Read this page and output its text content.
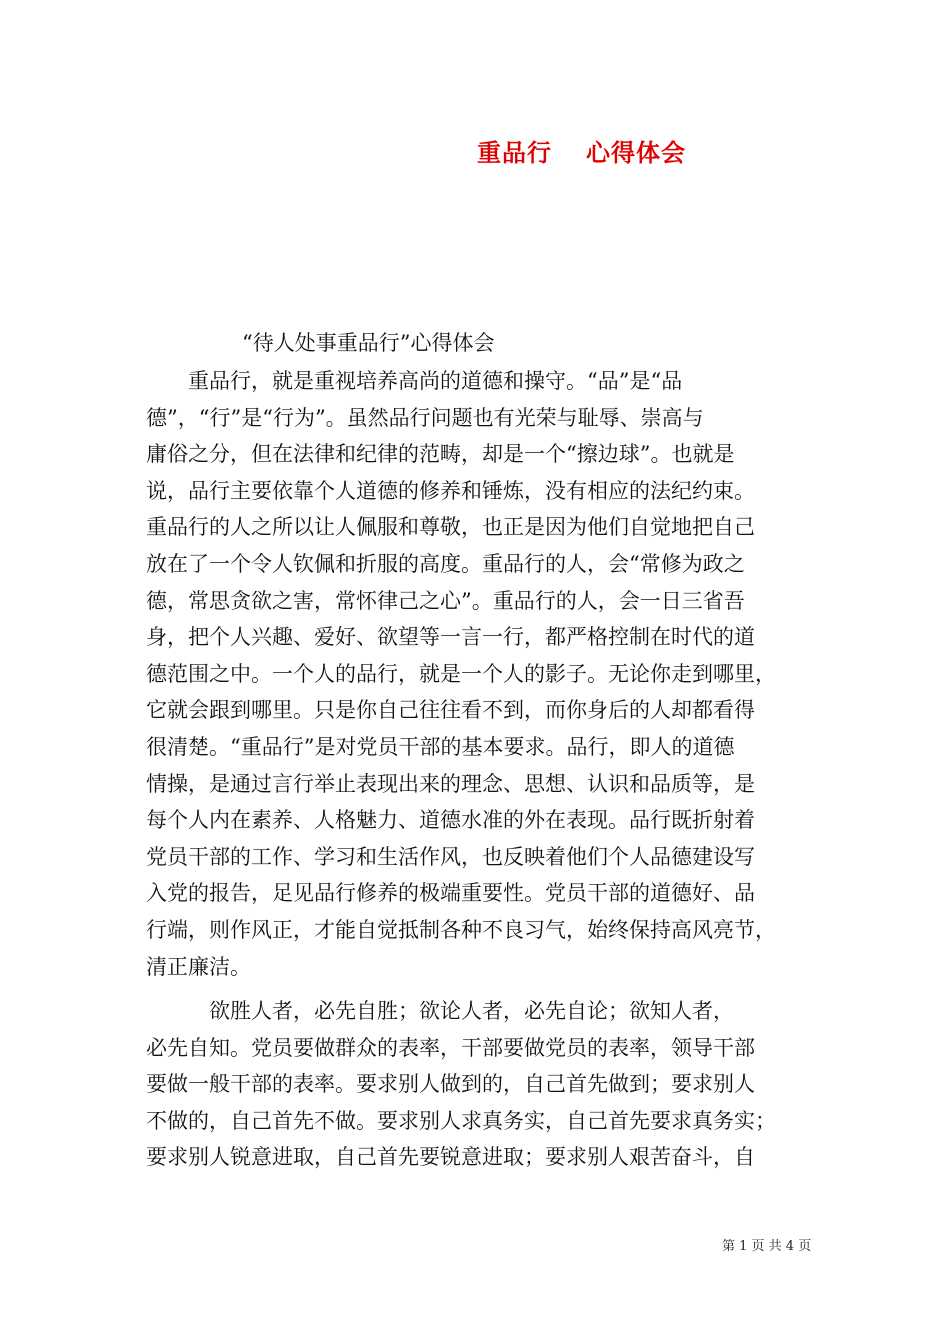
重品行 心得体会
“待人处事重品行”心得体会
　　重品行，就是重视培养高尚的道德和操守。“品”是“品
德”，“行”是“行为”。虽然品行问题也有光荣与耻辱、崇高与
庸俗之分，但在法律和纪律的范畴，却是一个“擦边球”。也就是
说，品行主要依靠个人道德的修养和锤炼，没有相应的法纪约束。
重品行的人之所以让人佩服和尊敬，也正是因为他们自觉地把自己
放在了一个令人钦佩和折服的高度。重品行的人，会“常修为政之
德，常思贪欲之害，常怀律己之心”。重品行的人，会一日三省吾
身，把个人兴趣、爱好、欲望等一言一行，都严格控制在时代的道
德范围之中。一个人的品行，就是一个人的影子。无论你走到哪里，
它就会跟到哪里。只是你自己往往看不到，而你身后的人却都看得
很清楚。“重品行”是对党员干部的基本要求。品行，即人的道德
情操，是通过言行举止表现出来的理念、思想、认识和品质等，是
每个人内在素养、人格魅力、道德水准的外在表现。品行既折射着
党员干部的工作、学习和生活作风，也反映着他们个人品德建设写
入党的报告，足见品行修养的极端重要性。党员干部的道德好、品
行端，则作风正，才能自觉抵制各种不良习气，始终保持高风亮节，
清正廉洁。
　　　欲胜人者，必先自胜；欲论人者，必先自论；欲知人者，
必先自知。党员要做群众的表率，干部要做党员的表率，领导干部
要做一般干部的表率。要求别人做到的，自己首先做到；要求别人
不做的，自己首先不做。要求别人求真务实，自己首先要求真务实；
要求别人锐意进取，自己首先要锐意进取；要求别人艰苦奋斗，自
第 1 页 共 4 页
